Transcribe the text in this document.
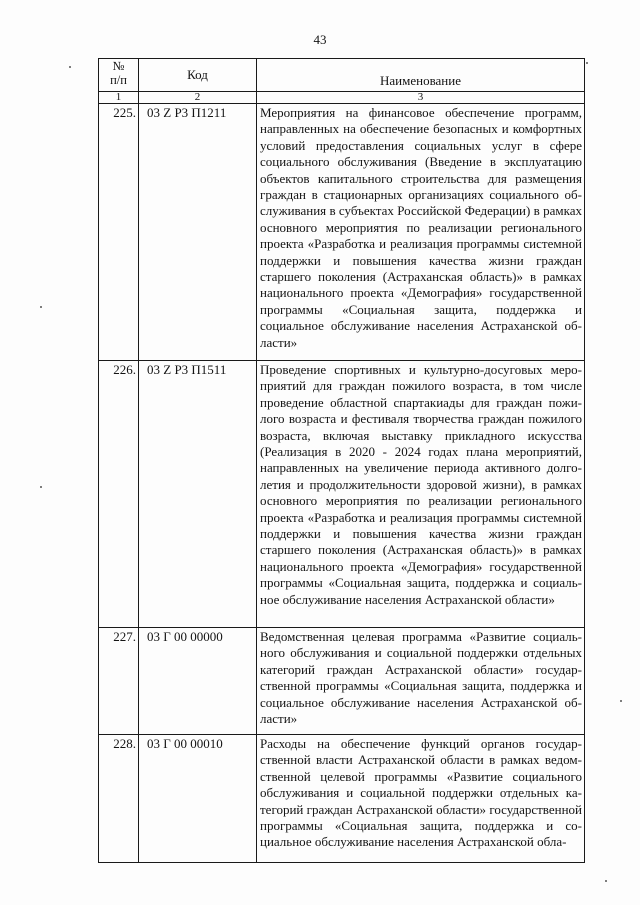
43
№
п/п	Код	Наименование
1	2	3
225.	03 Z P3 П1211	Мероприятия на финансовое обеспечение программ, направленных на обеспечение безопасных и комфортных условий предоставления социальных услуг в сфере социального обслуживания (Введение в эксплуатацию объектов капитального строительства для размещения граждан в стационарных организациях социального обслуживания в субъектах Российской Федерации) в рамках основного мероприятия по реализации регионального проекта «Разработка и реализация программы системной поддержки и повышения качества жизни граждан старшего поколения (Астраханская область)» в рамках национального проекта «Демография» государственной программы «Социальная защита, поддержка и социальное обслуживание населения Астраханской области»
226.	03 Z P3 П1511	Проведение спортивных и культурно-досуговых мероприятий для граждан пожилого возраста, в том числе проведение областной спартакиады для граждан пожилого возраста и фестиваля творчества граждан пожилого возраста, включая выставку прикладного искусства (Реализация в 2020 - 2024 годах плана мероприятий, направленных на увеличение периода активного долголетия и продолжительности здоровой жизни), в рамках основного мероприятия по реализации регионального проекта «Разработка и реализация программы системной поддержки и повышения качества жизни граждан старшего поколения (Астраханская область)» в рамках национального проекта «Демография» государственной программы «Социальная защита, поддержка и социальное обслуживание населения Астраханской области»
227.	03 Г 00 00000	Ведомственная целевая программа «Развитие социального обслуживания и социальной поддержки отдельных категорий граждан Астраханской области» государственной программы «Социальная защита, поддержка и социальное обслуживание населения Астраханской области»
228.	03 Г 00 00010	Расходы на обеспечение функций органов государственной власти Астраханской области в рамках ведомственной целевой программы «Развитие социального обслуживания и социальной поддержки отдельных категорий граждан Астраханской области» государственной программы «Социальная защита, поддержка и социальное обслуживание населения Астраханской обла-
